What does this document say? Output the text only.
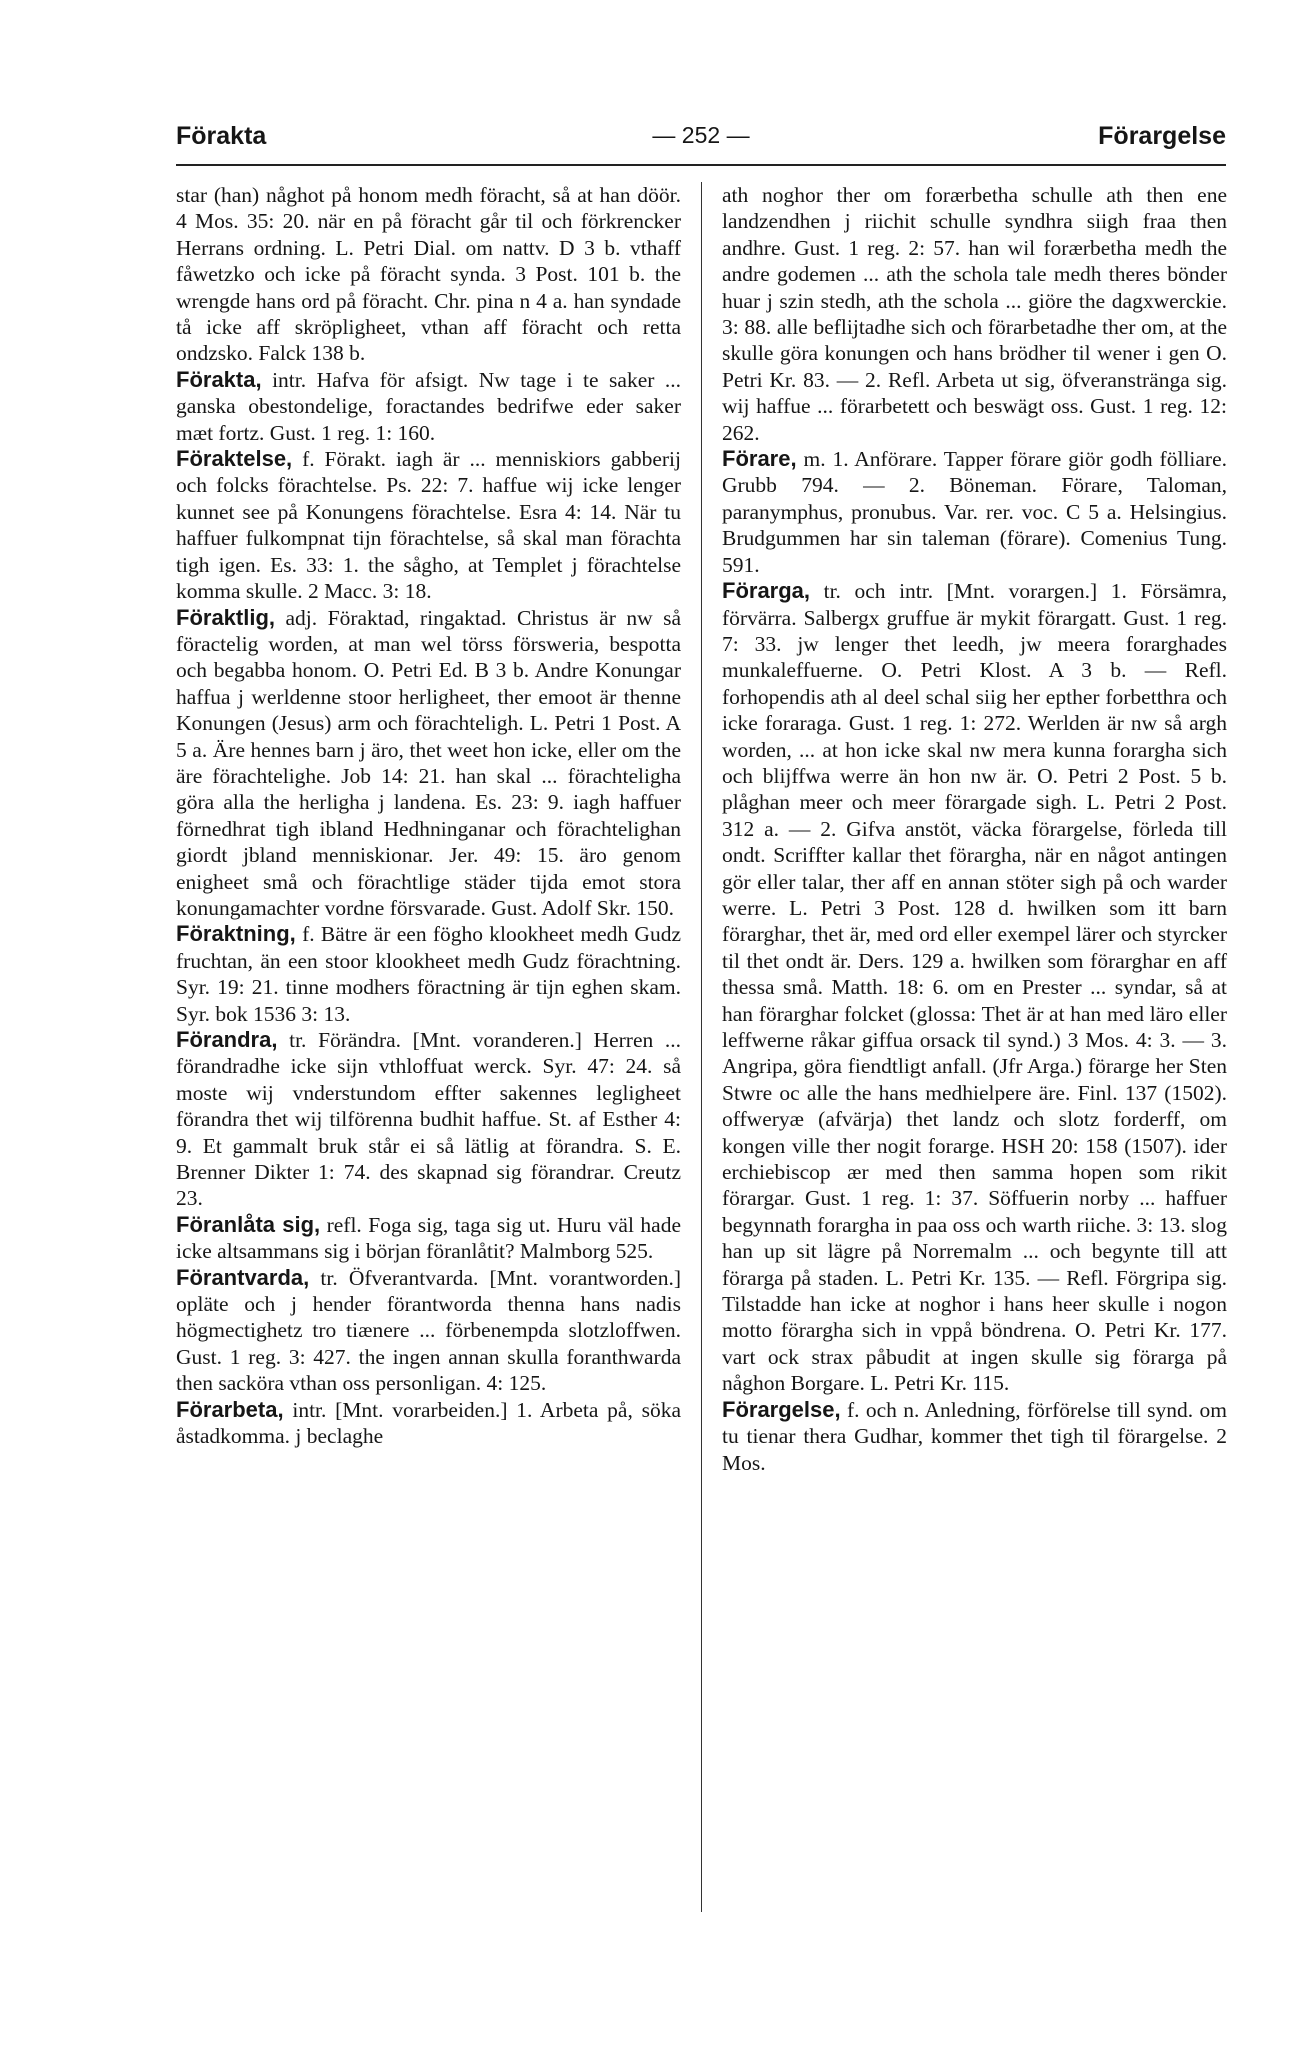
Förakta	— 252 —	Förargelse

star (han) någhot på honom medh föracht, så at han döör. 4 Mos. 35: 20. när en på föracht går til och förkrencker Herrans ordning. L. Petri Dial. om nattv. D 3 b. vthaff fåwetzko och icke på föracht synda. 3 Post. 101 b. the wrengde hans ord på föracht. Chr. pina n 4 a. han syndade tå icke aff skröpligheet, vthan aff föracht och retta ondzsko. Falck 138 b.

Förakta, intr. Hafva för afsigt. Nw tage i te saker ... ganska obestondelige, foractandes bedrifwe eder saker mæt fortz. Gust. 1 reg. 1: 160.

Föraktelse, f. Förakt. iagh är ... menniskiors gabberij och folcks förachtelse. Ps. 22: 7. haffue wij icke lenger kunnet see på Konungens förachtelse. Esra 4: 14. När tu haffuer fulkompnat tijn förachtelse, så skal man förachta tigh igen. Es. 33: 1. the sågho, at Templet j förachtelse komma skulle. 2 Macc. 3: 18.

Föraktlig, adj. Föraktad, ringaktad. Christus är nw så föractelig worden, at man wel törss försweria, bespotta och begabba honom. O. Petri Ed. B 3 b. Andre Konungar haffua j werldenne stoor herligheet, ther emoot är thenne Konungen (Jesus) arm och förachteligh. L. Petri 1 Post. A 5 a. Äre hennes barn j äro, thet weet hon icke, eller om the äre förachtelighe. Job 14: 21. han skal ... förachteligha göra alla the herligha j landena. Es. 23: 9. iagh haffuer förnedhrat tigh ibland Hedhninganar och förachtelighan giordt jbland menniskionar. Jer. 49: 15. äro genom enigheet små och förachtlige städer tijda emot stora konungamachter vordne försvarade. Gust. Adolf Skr. 150.

Föraktning, f. Bätre är een fögho klookheet medh Gudz fruchtan, än een stoor klookheet medh Gudz förachtning. Syr. 19: 21. tinne modhers föractning är tijn eghen skam. Syr. bok 1536 3: 13.

Förandra, tr. Förändra. [Mnt. voranderen.] Herren ... förandradhe icke sijn vthloffuat werck. Syr. 47: 24. så moste wij vnderstundom effter sakennes leglighеet förandra thet wij tilförenna budhit haffue. St. af Esther 4: 9. Et gammalt bruk står ei så lätlig at förandra. S. E. Brenner Dikter 1: 74. des skapnad sig förandrar. Creutz 23.

Föranlåta sig, refl. Foga sig, taga sig ut. Huru väl hade icke altsammans sig i början föranlåtit? Malmborg 525.

Förantvarda, tr. Öfverantvarda. [Mnt. vorantworden.] opläte och j hender förantworda thenna hans nadis högmectighetz tro tiænere ... förbenempda slotzloffwen. Gust. 1 reg. 3: 427. the ingen annan skulla foranthwarda then sacköra vthan oss personligan. 4: 125.

Förarbeta, intr. [Mnt. vorarbeiden.] 1. Arbeta på, söka åstadkomma. j beclaghe

ath noghor ther om forærbetha schulle ath then ene landzendhen j riichit schulle syndhra siigh fraa then andhre. Gust. 1 reg. 2: 57. han wil forærbetha medh the andre godemen ... ath the schola tale medh theres bönder huar j szin stedh, ath the schola ... giöre the dagxwerckie. 3: 88. alle beflijtadhe sich och förarbetadhe ther om, at the skulle göra konungen och hans brödher til wener i gen O. Petri Kr. 83. — 2. Refl. Arbeta ut sig, öfveranstränga sig. wij haffue ... förarbetett och beswägt oss. Gust. 1 reg. 12: 262.

Förare, m. 1. Anförare. Tapper förare giör godh fölliare. Grubb 794. — 2. Böneman. Förare, Taloman, paranymphus, pronubus. Var. rer. voc. C 5 a. Helsingius. Brudgummen har sin taleman (förare). Comenius Tung. 591.

Förarga, tr. och intr. [Mnt. vorargen.] 1. Försämra, förvärra. Salbergx gruffue är mykit förargatt. Gust. 1 reg. 7: 33. jw lenger thet leedh, jw meera forarghades munkaleffuerne. O. Petri Klost. A 3 b. — Refl. forhopendis ath al deel schal siig her epther forbetthra och icke foraraga. Gust. 1 reg. 1: 272. Werlden är nw så argh worden, ... at hon icke skal nw mera kunna forargha sich och blijffwa werre än hon nw är. O. Petri 2 Post. 5 b. plåghan meer och meer förargade sigh. L. Petri 2 Post. 312 a. — 2. Gifva anstöt, väcka förargelse, förleda till ondt. Scriffter kallar thet förargha, när en något antingen gör eller talar, ther aff en annan stöter sigh på och warder werre. L. Petri 3 Post. 128 d. hwilken som itt barn förarghar, thet är, med ord eller exempel lärer och styrcker til thet ondt är. Ders. 129 a. hwilken som förarghar en aff thessa små. Matth. 18: 6. om en Prester ... syndar, så at han förarghar folcket (glossa: Thet är at han med läro eller leffwerne råkar giffua orsack til synd.) 3 Mos. 4: 3. — 3. Angripa, göra fiendtligt anfall. (Jfr Arga.) förarge her Sten Stwre oc alle the hans medhielpere äre. Finl. 137 (1502). offweryæ (afvärja) thet landz och slotz forderff, om kongen ville ther nogit forarge. HSH 20: 158 (1507). ider erchiebiscop ær med then samma hopen som rikit förargar. Gust. 1 reg. 1: 37. Söffuerin norby ... haffuer begynnath forargha in paa oss och warth riiche. 3: 13. slog han up sit lägre på Norremalm ... och begynte till att förarga på staden. L. Petri Kr. 135. — Refl. Förgripa sig. Tilstadde han icke at noghor i hans heer skulle i nogon motto förargha sich in vppå böndrena. O. Petri Kr. 177. vart ock strax påbudit at ingen skulle sig förarga på någhon Borgare. L. Petri Kr. 115.

Förargelse, f. och n. Anledning, förförelse till synd. om tu tienar thera Gudhar, kommer thet tigh til förargelse. 2 Mos.
